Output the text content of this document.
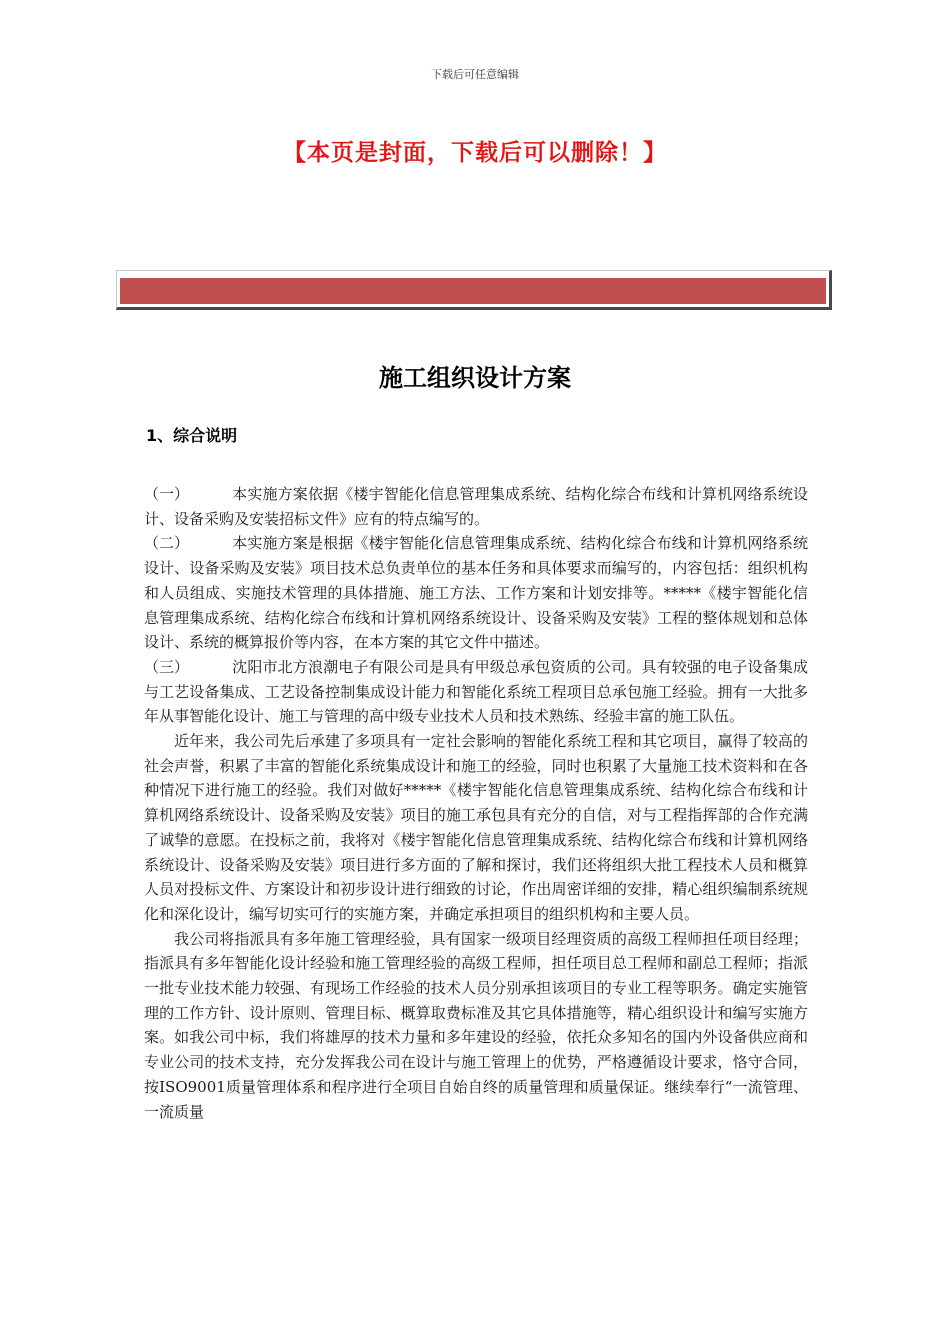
下载后可任意编辑
【本页是封面，下载后可以删除！】
施工组织设计方案
1、综合说明

（一）	本实施方案依据《楼宇智能化信息管理集成系统、结构化综合布线和计算机网络系统设计、设备采购及安装招标文件》应有的特点编写的。

（二）	本实施方案是根据《楼宇智能化信息管理集成系统、结构化综合布线和计算机网络系统设计、设备采购及安装》项目技术总负责单位的基本任务和具体要求而编写的，内容包括：组织机构和人员组成、实施技术管理的具体措施、施工方法、工作方案和计划安排等。*****《楼宇智能化信息管理集成系统、结构化综合布线和计算机网络系统设计、设备采购及安装》工程的整体规划和总体设计、系统的概算报价等内容，在本方案的其它文件中描述。

（三）	沈阳市北方浪潮电子有限公司是具有甲级总承包资质的公司。具有较强的电子设备集成与工艺设备集成、工艺设备控制集成设计能力和智能化系统工程项目总承包施工经验。拥有一大批多年从事智能化设计、施工与管理的高中级专业技术人员和技术熟练、经验丰富的施工队伍。

近年来，我公司先后承建了多项具有一定社会影响的智能化系统工程和其它项目，赢得了较高的社会声誉，积累了丰富的智能化系统集成设计和施工的经验，同时也积累了大量施工技术资料和在各种情况下进行施工的经验。我们对做好*****《楼宇智能化信息管理集成系统、结构化综合布线和计算机网络系统设计、设备采购及安装》项目的施工承包具有充分的自信，对与工程指挥部的合作充满了诚挚的意愿。在投标之前，我将对《楼宇智能化信息管理集成系统、结构化综合布线和计算机网络系统设计、设备采购及安装》项目进行多方面的了解和探讨，我们还将组织大批工程技术人员和概算人员对投标文件、方案设计和初步设计进行细致的讨论，作出周密详细的安排，精心组织编制系统规化和深化设计，编写切实可行的实施方案，并确定承担项目的组织机构和主要人员。

我公司将指派具有多年施工管理经验，具有国家一级项目经理资质的高级工程师担任项目经理；指派具有多年智能化设计经验和施工管理经验的高级工程师，担任项目总工程师和副总工程师；指派一批专业技术能力较强、有现场工作经验的技术人员分别承担该项目的专业工程等职务。确定实施管理的工作方针、设计原则、管理目标、概算取费标准及其它具体措施等，精心组织设计和编写实施方案。如我公司中标，我们将雄厚的技术力量和多年建设的经验，依托众多知名的国内外设备供应商和专业公司的技术支持，充分发挥我公司在设计与施工管理上的优势，严格遵循设计要求，恪守合同，按ISO9001质量管理体系和程序进行全项目自始自终的质量管理和质量保证。继续奉行“一流管理、一流质量
